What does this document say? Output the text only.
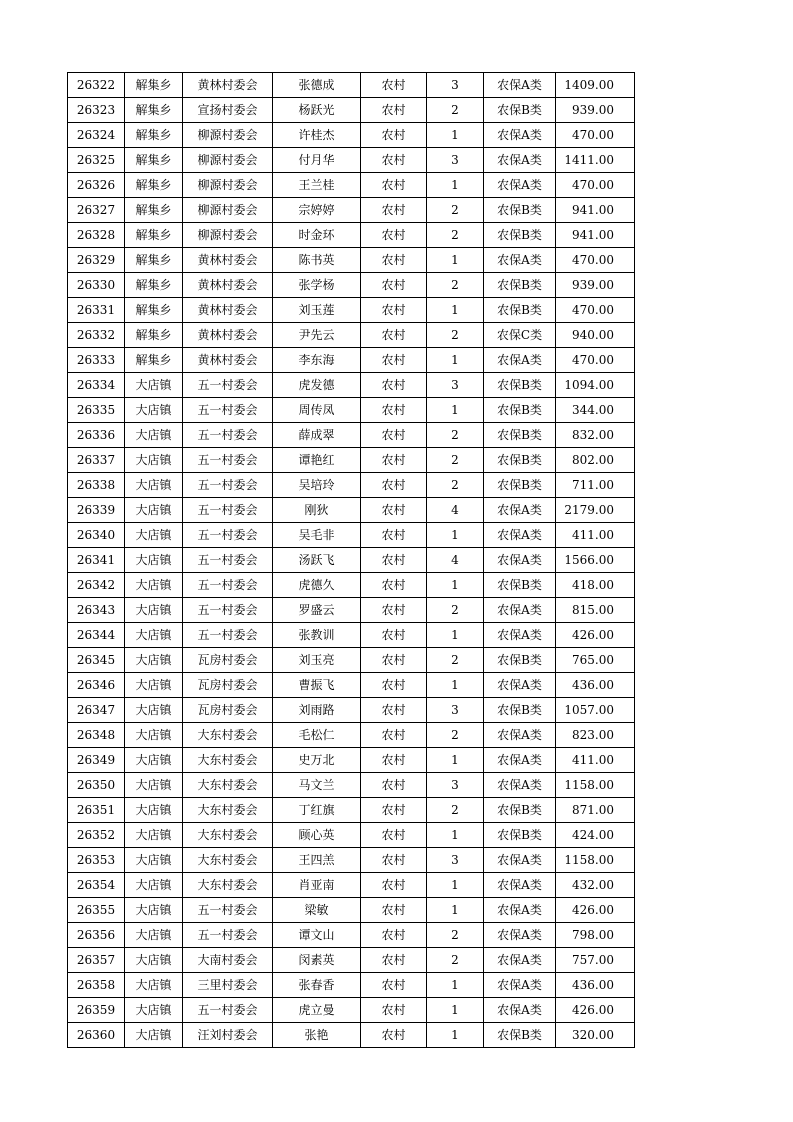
26322	解集乡	黄林村委会	张德成	农村	3	农保A类	1409.00
26323	解集乡	宣扬村委会	杨跃光	农村	2	农保B类	939.00
26324	解集乡	柳源村委会	许桂杰	农村	1	农保A类	470.00
26325	解集乡	柳源村委会	付月华	农村	3	农保A类	1411.00
26326	解集乡	柳源村委会	王兰桂	农村	1	农保A类	470.00
26327	解集乡	柳源村委会	宗婷婷	农村	2	农保B类	941.00
26328	解集乡	柳源村委会	时金环	农村	2	农保B类	941.00
26329	解集乡	黄林村委会	陈书英	农村	1	农保A类	470.00
26330	解集乡	黄林村委会	张学杨	农村	2	农保B类	939.00
26331	解集乡	黄林村委会	刘玉莲	农村	1	农保B类	470.00
26332	解集乡	黄林村委会	尹先云	农村	2	农保C类	940.00
26333	解集乡	黄林村委会	李东海	农村	1	农保A类	470.00
26334	大店镇	五一村委会	虎发德	农村	3	农保B类	1094.00
26335	大店镇	五一村委会	周传凤	农村	1	农保B类	344.00
26336	大店镇	五一村委会	薛成翠	农村	2	农保B类	832.00
26337	大店镇	五一村委会	谭艳红	农村	2	农保B类	802.00
26338	大店镇	五一村委会	吴培玲	农村	2	农保B类	711.00
26339	大店镇	五一村委会	刚狄	农村	4	农保A类	2179.00
26340	大店镇	五一村委会	吴毛非	农村	1	农保A类	411.00
26341	大店镇	五一村委会	汤跃飞	农村	4	农保A类	1566.00
26342	大店镇	五一村委会	虎德久	农村	1	农保B类	418.00
26343	大店镇	五一村委会	罗盛云	农村	2	农保A类	815.00
26344	大店镇	五一村委会	张教训	农村	1	农保A类	426.00
26345	大店镇	瓦房村委会	刘玉亮	农村	2	农保B类	765.00
26346	大店镇	瓦房村委会	曹振飞	农村	1	农保A类	436.00
26347	大店镇	瓦房村委会	刘雨路	农村	3	农保B类	1057.00
26348	大店镇	大东村委会	毛松仁	农村	2	农保A类	823.00
26349	大店镇	大东村委会	史万北	农村	1	农保A类	411.00
26350	大店镇	大东村委会	马文兰	农村	3	农保A类	1158.00
26351	大店镇	大东村委会	丁红旗	农村	2	农保B类	871.00
26352	大店镇	大东村委会	顾心英	农村	1	农保B类	424.00
26353	大店镇	大东村委会	王四羔	农村	3	农保A类	1158.00
26354	大店镇	大东村委会	肖亚南	农村	1	农保A类	432.00
26355	大店镇	五一村委会	梁敏	农村	1	农保A类	426.00
26356	大店镇	五一村委会	谭文山	农村	2	农保A类	798.00
26357	大店镇	大南村委会	闵素英	农村	2	农保A类	757.00
26358	大店镇	三里村委会	张春香	农村	1	农保A类	436.00
26359	大店镇	五一村委会	虎立曼	农村	1	农保A类	426.00
26360	大店镇	汪刘村委会	张艳	农村	1	农保B类	320.00
